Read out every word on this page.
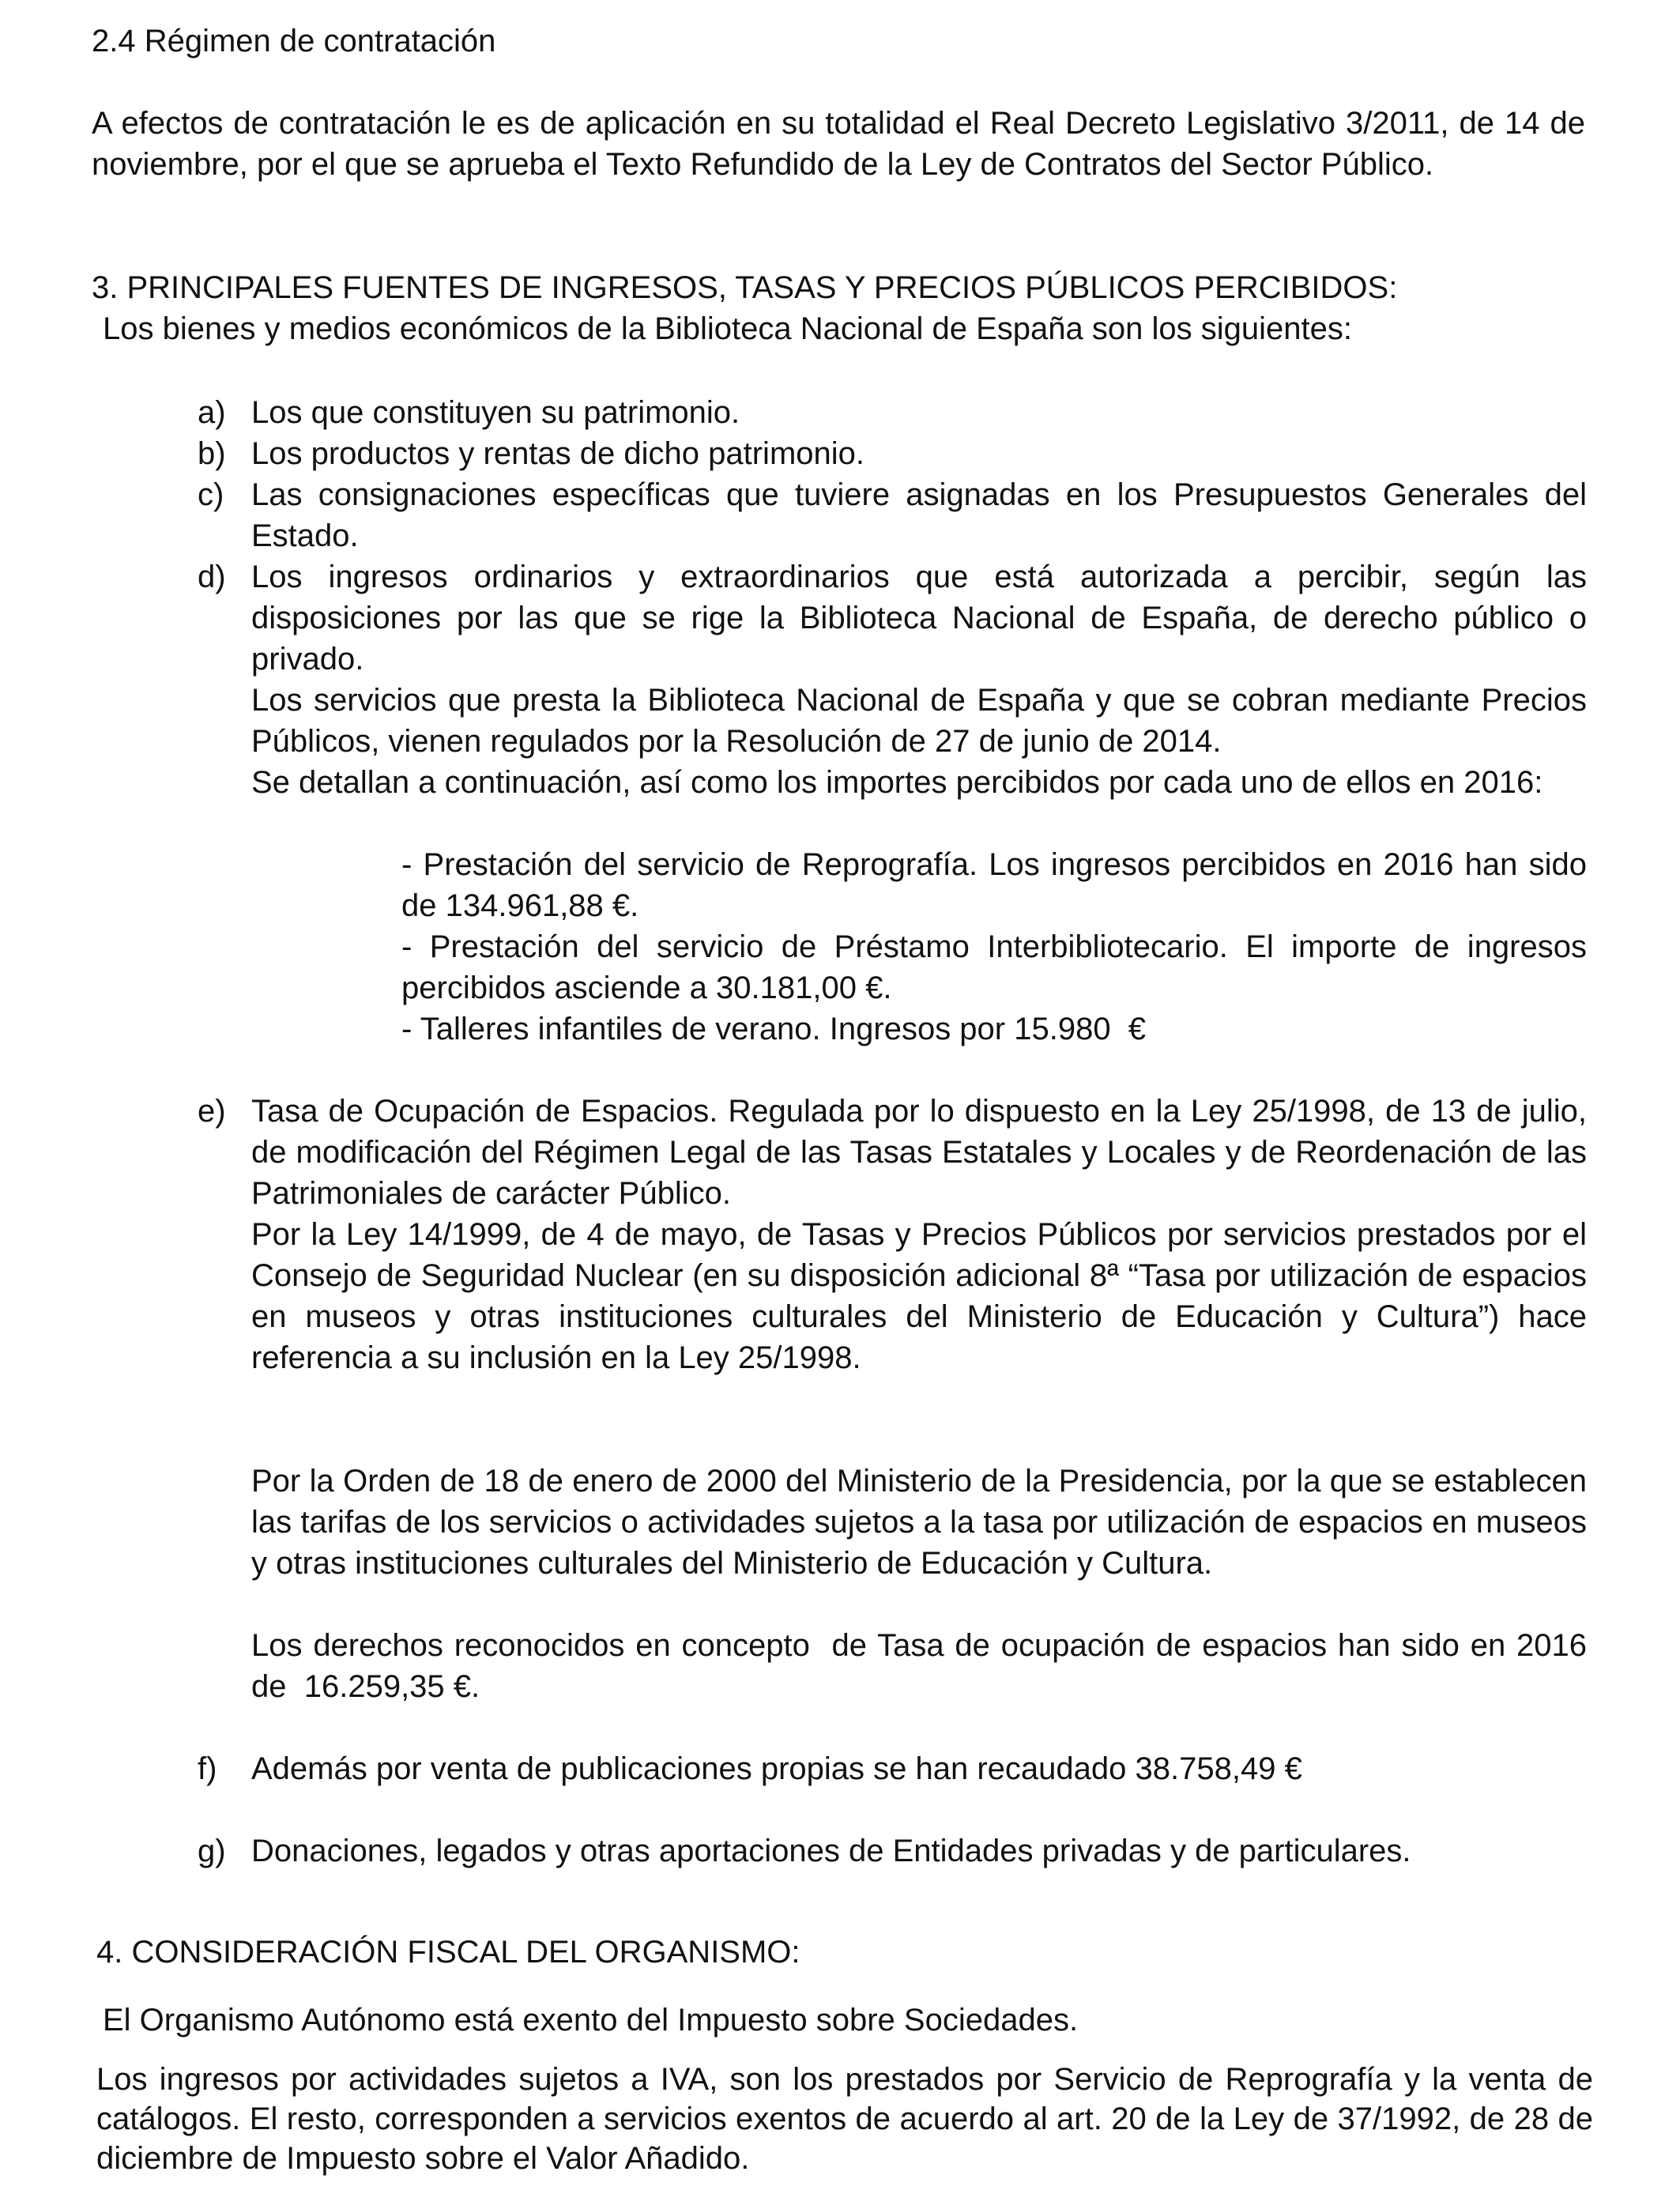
2.4 Régimen de contratación

A efectos de contratación le es de aplicación en su totalidad el Real Decreto Legislativo 3/2011, de 14 de noviembre, por el que se aprueba el Texto Refundido de la Ley de Contratos del Sector Público.

3. PRINCIPALES FUENTES DE INGRESOS, TASAS Y PRECIOS PÚBLICOS PERCIBIDOS:

Los bienes y medios económicos de la Biblioteca Nacional de España son los siguientes:

a) Los que constituyen su patrimonio.
b) Los productos y rentas de dicho patrimonio.
c) Las consignaciones específicas que tuviere asignadas en los Presupuestos Generales del Estado.
d) Los ingresos ordinarios y extraordinarios que está autorizada a percibir, según las disposiciones por las que se rige la Biblioteca Nacional de España, de derecho público o privado.

Los servicios que presta la Biblioteca Nacional de España y que se cobran mediante Precios Públicos, vienen regulados por la Resolución de 27 de junio de 2014.

Se detallan a continuación, así como los importes percibidos por cada uno de ellos en 2016:

- Prestación del servicio de Reprografía. Los ingresos percibidos en 2016 han sido de 134.961,88 €.

- Prestación del servicio de Préstamo Interbibliotecario. El importe de ingresos percibidos asciende a 30.181,00 €.

- Talleres infantiles de verano. Ingresos por 15.980  €

e) Tasa de Ocupación de Espacios. Regulada por lo dispuesto en la Ley 25/1998, de 13 de julio, de modificación del Régimen Legal de las Tasas Estatales y Locales y de Reordenación de las Patrimoniales de carácter Público.

Por la Ley 14/1999, de 4 de mayo, de Tasas y Precios Públicos por servicios prestados por el Consejo de Seguridad Nuclear (en su disposición adicional 8ª “Tasa por utilización de espacios en museos y otras instituciones culturales del Ministerio de Educación y Cultura”) hace referencia a su inclusión en la Ley 25/1998.

Por la Orden de 18 de enero de 2000 del Ministerio de la Presidencia, por la que se establecen las tarifas de los servicios o actividades sujetos a la tasa por utilización de espacios en museos y otras instituciones culturales del Ministerio de Educación y Cultura.

Los derechos reconocidos en concepto  de Tasa de ocupación de espacios han sido en 2016 de  16.259,35 €.

f)	Además por venta de publicaciones propias se han recaudado 38.758,49 €
g) Donaciones, legados y otras aportaciones de Entidades privadas y de particulares.

4. CONSIDERACIÓN FISCAL DEL ORGANISMO:

El Organismo Autónomo está exento del Impuesto sobre Sociedades.

Los ingresos por actividades sujetos a IVA, son los prestados por Servicio de Reprografía y la venta de catálogos. El resto, corresponden a servicios exentos de acuerdo al art. 20 de la Ley de 37/1992, de 28 de diciembre de Impuesto sobre el Valor Añadido.
